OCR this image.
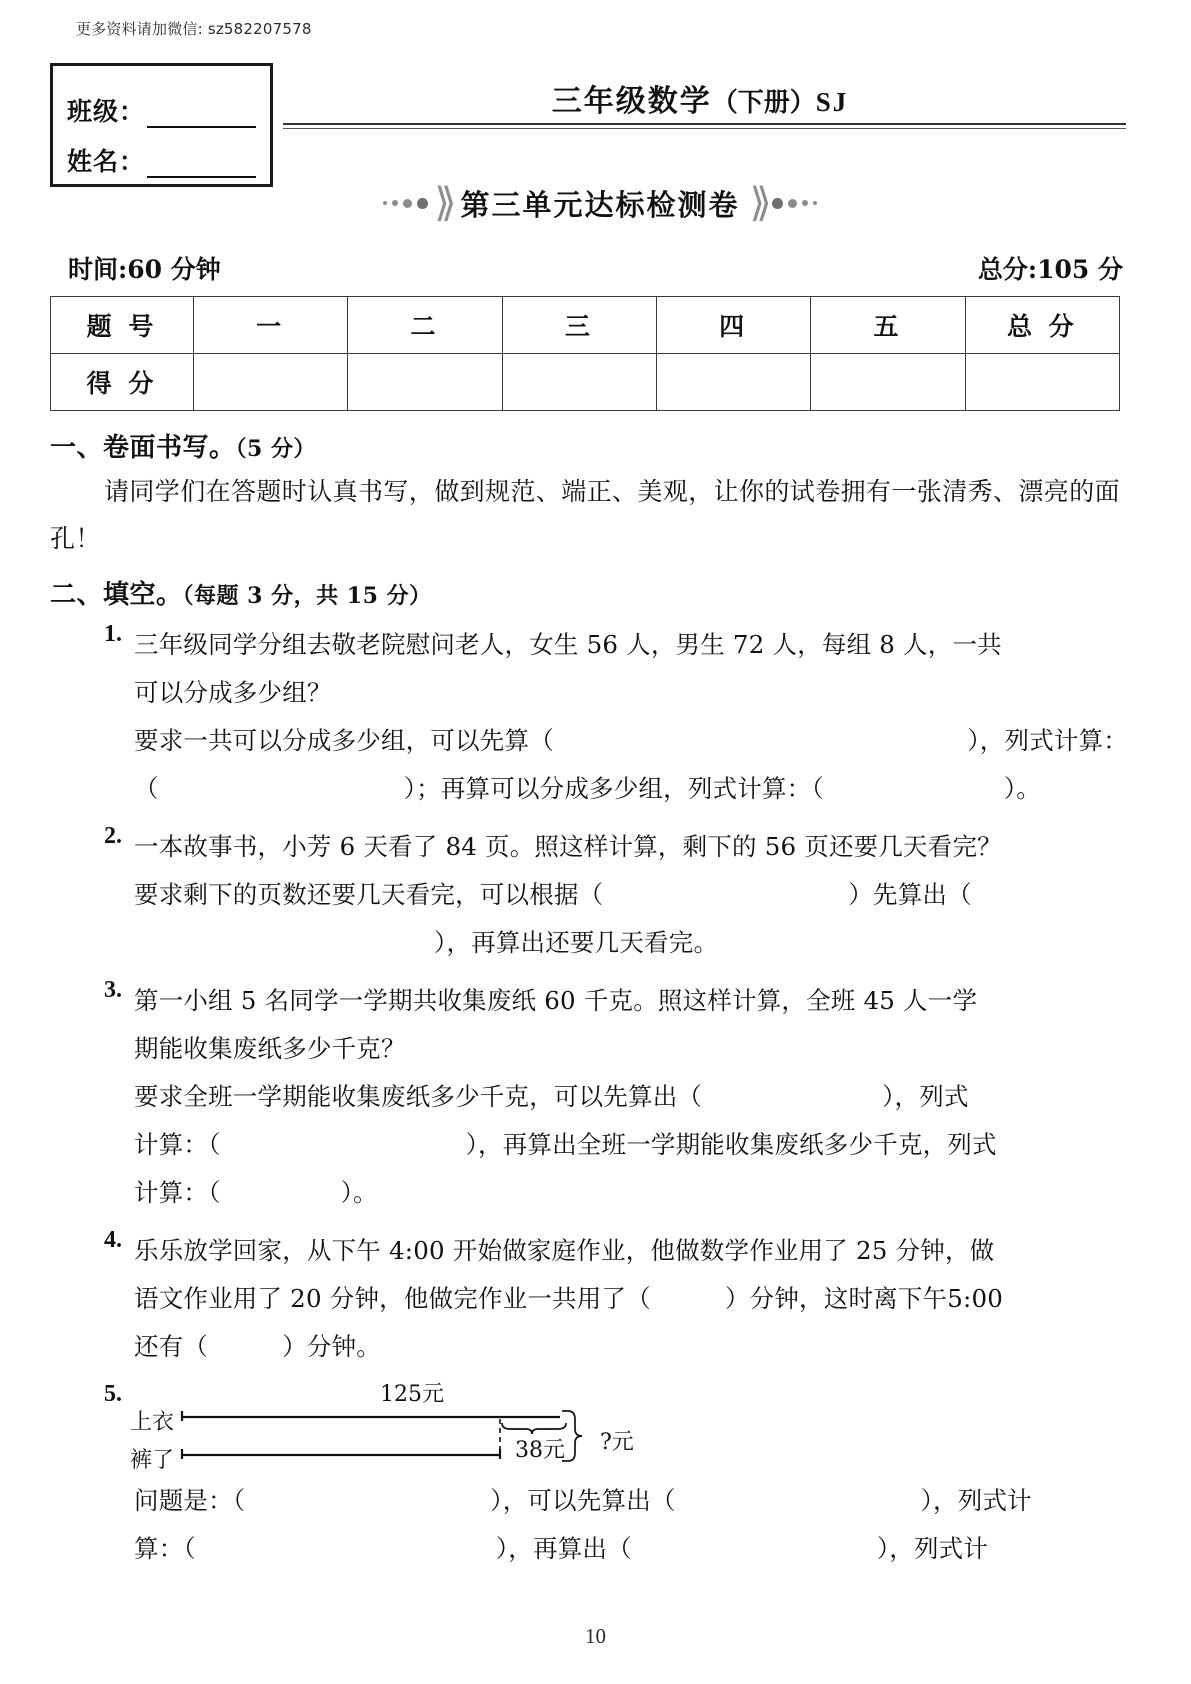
更多资料请加微信: sz582207578
班级：
姓名：
三年级数学（下册）SJ
⟫ 第三单元达标检测卷 ⟫
时间:60 分钟	总分:105 分
题 号	一	二	三	四	五	总 分
得 分						
一、卷面书写。（5 分）
请同学们在答题时认真书写，做到规范、端正、美观，让你的试卷拥有一张清秀、漂亮的面孔！
二、填空。（每题 3 分，共 15 分）
1. 三年级同学分组去敬老院慰问老人，女生 56 人，男生 72 人，每组 8 人，一共
可以分成多少组？
要求一共可以分成多少组，可以先算（	），列式计算：
（	）；再算可以分成多少组，列式计算：（	）。
2. 一本故事书，小芳 6 天看了 84 页。照这样计算，剩下的 56 页还要几天看完？
要求剩下的页数还要几天看完，可以根据（	）先算出（
），再算出还要几天看完。
3. 第一小组 5 名同学一学期共收集废纸 60 千克。照这样计算，全班 45 人一学
期能收集废纸多少千克？
要求全班一学期能收集废纸多少千克，可以先算出（	），列式
计算：（	），再算出全班一学期能收集废纸多少千克，列式
计算：（	）。
4. 乐乐放学回家，从下午 4:00 开始做家庭作业，他做数学作业用了 25 分钟，做
语文作业用了 20 分钟，他做完作业一共用了（　　　）分钟，这时离下午5:00
还有（　　　）分钟。
5.
上衣
裤了
125元
38元 ?元
问题是：（	），可以先算出（	），列式计
算：（	），再算出（	），列式计
10
